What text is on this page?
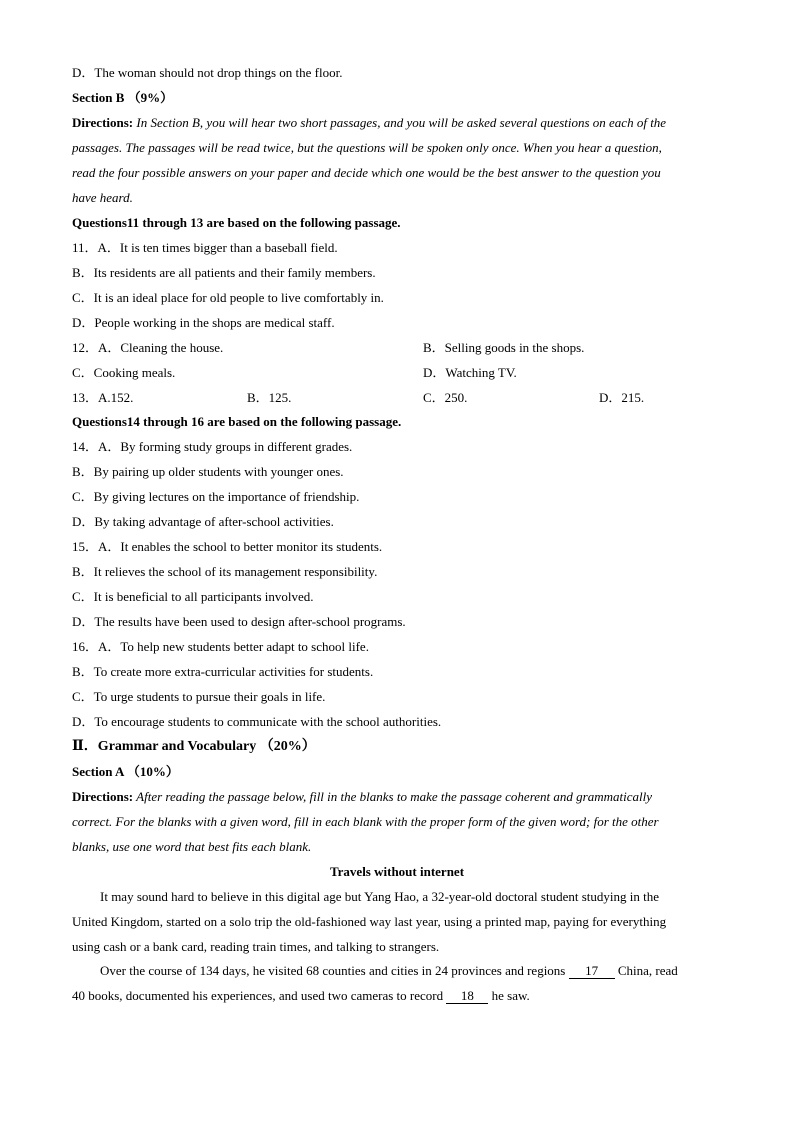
D．The woman should not drop things on the floor.
Section B （9%）
Directions: In Section B, you will hear two short passages, and you will be asked several questions on each of the
passages. The passages will be read twice, but the questions will be spoken only once. When you hear a question,
read the four possible answers on your paper and decide which one would be the best answer to the question you
have heard.
Questions11 through 13 are based on the following passage.
11．A．It is ten times bigger than a baseball field.
B．Its residents are all patients and their family members.
C．It is an ideal place for old people to live comfortably in.
D．People working in the shops are medical staff.
12．A．Cleaning the house.	B．Selling goods in the shops.
C．Cooking meals.	D．Watching TV.
13．A.152.	B．125.	C．250.	D．215.
Questions14 through 16 are based on the following passage.
14．A．By forming study groups in different grades.
B．By pairing up older students with younger ones.
C．By giving lectures on the importance of friendship.
D．By taking advantage of after-school activities.
15．A．It enables the school to better monitor its students.
B．It relieves the school of its management responsibility.
C．It is beneficial to all participants involved.
D．The results have been used to design after-school programs.
16．A．To help new students better adapt to school life.
B．To create more extra-curricular activities for students.
C．To urge students to pursue their goals in life.
D．To encourage students to communicate with the school authorities.
Ⅱ．Grammar and Vocabulary （20%）
Section A （10%）
Directions: After reading the passage below, fill in the blanks to make the passage coherent and grammatically
correct. For the blanks with a given word, fill in each blank with the proper form of the given word; for the other
blanks, use one word that best fits each blank.
Travels without internet
It may sound hard to believe in this digital age but Yang Hao, a 32-year-old doctoral student studying in the
United Kingdom, started on a solo trip the old-fashioned way last year, using a printed map, paying for everything
using cash or a bank card, reading train times, and talking to strangers.
Over the course of 134 days, he visited 68 counties and cities in 24 provinces and regions 17 China, read
40 books, documented his experiences, and used two cameras to record 18 he saw.
